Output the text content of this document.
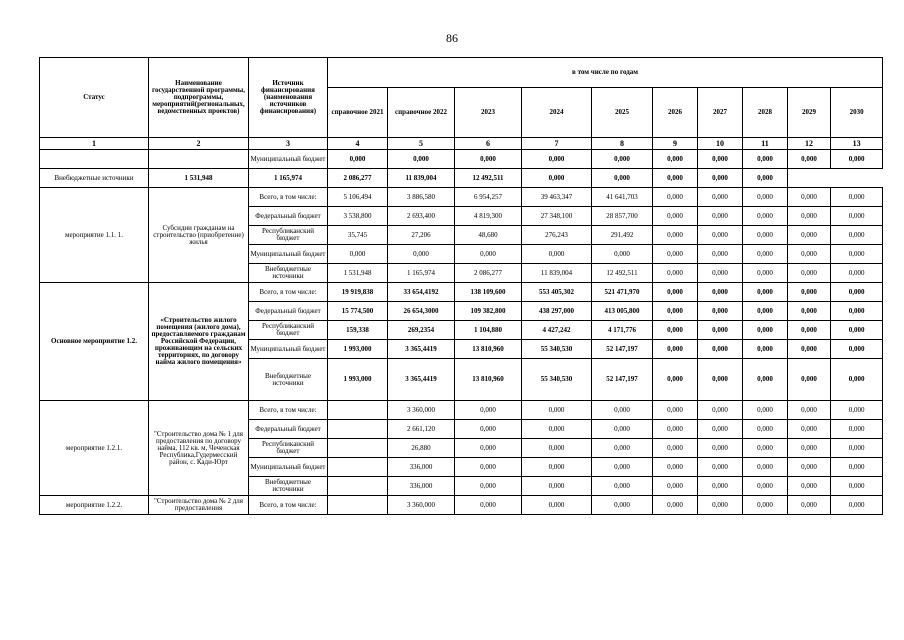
86
Статус	Наименование государственной программы, подпрограммы, мероприятий(региональных, ведомственных проектов)	Источник финансирования (наименования источников финансирования)	в том числе по годам									
			справочное 2021	справочное 2022	2023	2024	2025	2026	2027	2028	2029	2030
1	2	3	4	5	6	7	8	9	10	11	12	13
		Муниципальный бюджет	0,000	0,000	0,000	0,000	0,000	0,000	0,000	0,000	0,000	0,000
Внебюджетные источники	1 531,948	1 165,974	2 086,277	11 839,004	12 492,511	0,000	0,000	0,000	0,000	0,000		
мероприятие 1.1. 1.	Субсидии гражданам на строительство (приобретение) жилья	Всего, в том числе:	5 106,494	3 886,580	6 954,257	39 463,347	41 641,703	0,000	0,000	0,000	0,000	0,000
		Федеральный бюджет	3 538,800	2 693,400	4 819,300	27 348,100	28 857,700	0,000	0,000	0,000	0,000	0,000
		Республиканский бюджет	35,745	27,206	48,680	276,243	291,492	0,000	0,000	0,000	0,000	0,000
		Муниципальный бюджет	0,000	0,000	0,000	0,000	0,000	0,000	0,000	0,000	0,000	0,000
		Внебюджетные источники	1 531,948	1 165,974	2 086,277	11 839,004	12 492,511	0,000	0,000	0,000	0,000	0,000
Основное мероприятие 1.2.	«Строительство жилого помещения (жилого дома), предоставляемого гражданам Российской Федерации, проживающим на сельских территориях, по договору найма жилого помещения»	Всего, в том числе:	19 919,838	33 654,4192	138 109,600	553 405,302	521 471,970	0,000	0,000	0,000	0,000	0,000
		Федеральный бюджет	15 774,500	26 654,3000	109 382,800	438 297,000	413 005,800	0,000	0,000	0,000	0,000	0,000
		Республиканский бюджет	159,338	269,2354	1 104,880	4 427,242	4 171,776	0,000	0,000	0,000	0,000	0,000
		Муниципальный бюджет	1 993,000	3 365,4419	13 810,960	55 340,530	52 147,197	0,000	0,000	0,000	0,000	0,000
		Внебюджетные источники	1 993,000	3 365,4419	13 810,960	55 340,530	52 147,197	0,000	0,000	0,000	0,000	0,000
мероприятие 1.2.1.	"Строительство дома № 1 для предоставления по договору найма, 112 кв. м, Чеченская Республика,Гудермесский район, с. Кади-Юрт	Всего, в том числе:		3 360,000	0,000	0,000	0,000	0,000	0,000	0,000	0,000	0,000
		Федеральный бюджет		2 661,120	0,000	0,000	0,000	0,000	0,000	0,000	0,000	0,000
		Республиканский бюджет		26,880	0,000	0,000	0,000	0,000	0,000	0,000	0,000	0,000
		Муниципальный бюджет		336,000	0,000	0,000	0,000	0,000	0,000	0,000	0,000	0,000
		Внебюджетные источники		336,000	0,000	0,000	0,000	0,000	0,000	0,000	0,000	0,000
мероприятие 1.2.2.	"Строительство дома № 2 для предоставления	Всего, в том числе:		3 360,000	0,000	0,000	0,000	0,000	0,000	0,000	0,000	0,000
